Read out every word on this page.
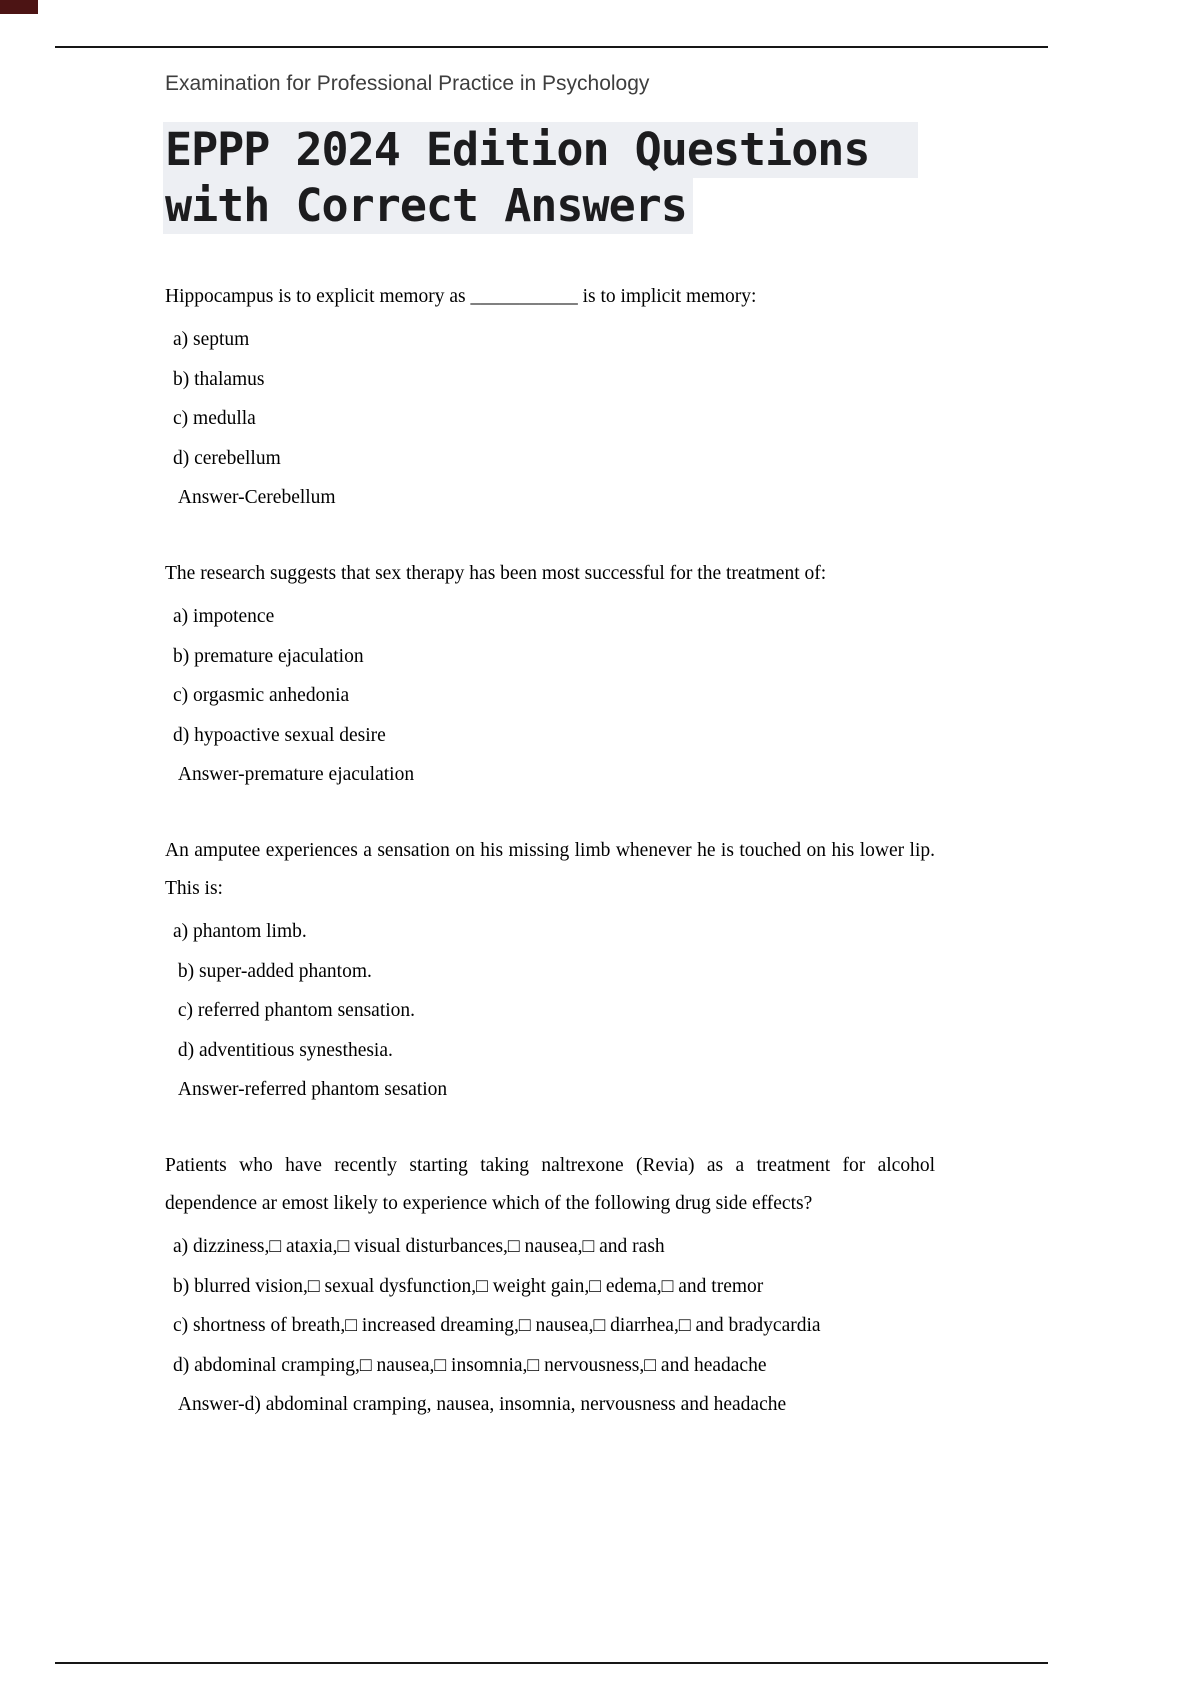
Examination for Professional Practice in Psychology
EPPP 2024 Edition Questions
with Correct Answers

Hippocampus is to explicit memory as ___________ is to implicit memory:

a) septum

b) thalamus

c) medulla

d) cerebellum

Answer-Cerebellum

The research suggests that sex therapy has been most successful for the treatment of:

a) impotence

b) premature ejaculation

c) orgasmic anhedonia

d) hypoactive sexual desire

Answer-premature ejaculation

An amputee experiences a sensation on his missing limb whenever he is touched on his lower lip. This is:

a) phantom limb.

b) super-added phantom.

c) referred phantom sensation.

d) adventitious synesthesia.

Answer-referred phantom sesation

Patients who have recently starting taking naltrexone (Revia) as a treatment for alcohol dependence ar emost likely to experience which of the following drug side effects?

a) dizziness,□ ataxia,□ visual disturbances,□ nausea,□ and rash

b) blurred vision,□ sexual dysfunction,□ weight gain,□ edema,□ and tremor

c) shortness of breath,□ increased dreaming,□ nausea,□ diarrhea,□ and bradycardia

d) abdominal cramping,□ nausea,□ insomnia,□ nervousness,□ and headache

Answer-d) abdominal cramping, nausea, insomnia, nervousness and headache
